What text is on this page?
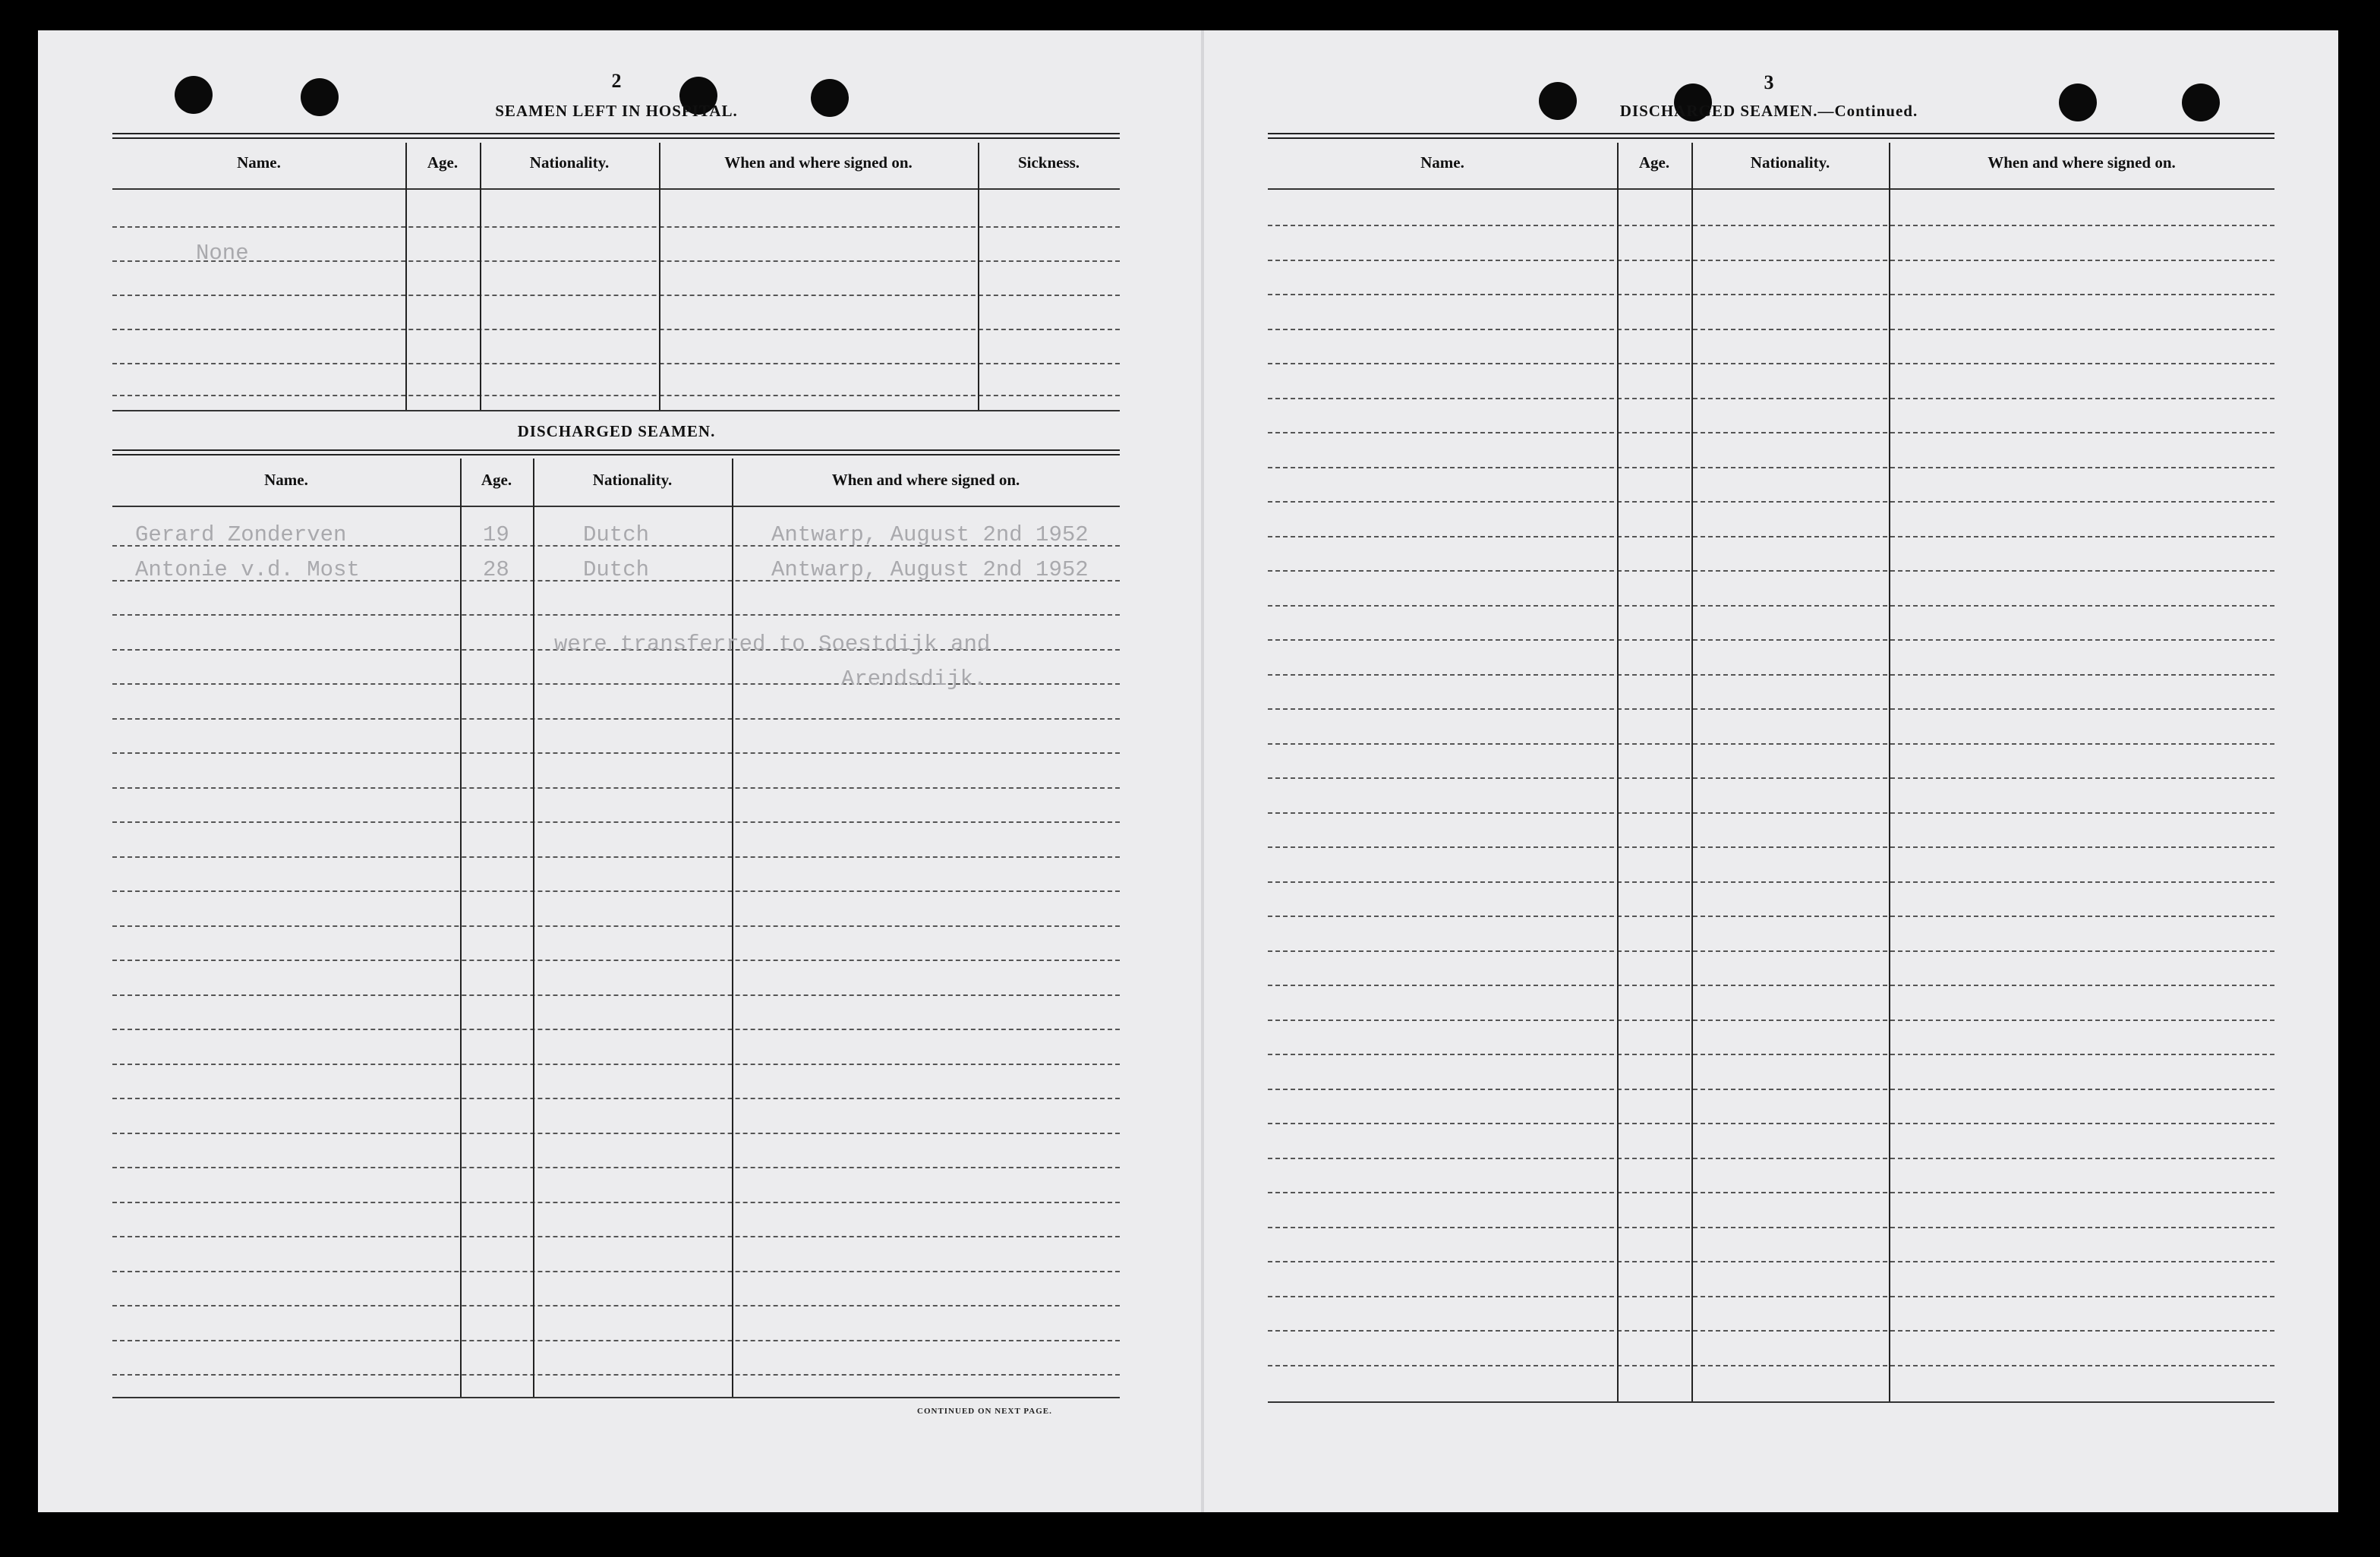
2
SEAMEN LEFT IN HOSPITAL.
Name.	Age.	Nationality.	When and where signed on.	Sickness.
None
DISCHARGED SEAMEN.
Name.	Age.	Nationality.	When and where signed on.
Gerard Zonderven	19	Dutch	Antwarp, August 2nd 1952
Antonie v.d. Most	28	Dutch	Antwarp, August 2nd 1952
were transferred to Soestdijk and
Arendsdijk.
CONTINUED ON NEXT PAGE.
3
DISCHARGED SEAMEN.—Continued.
Name.	Age.	Nationality.	When and where signed on.
